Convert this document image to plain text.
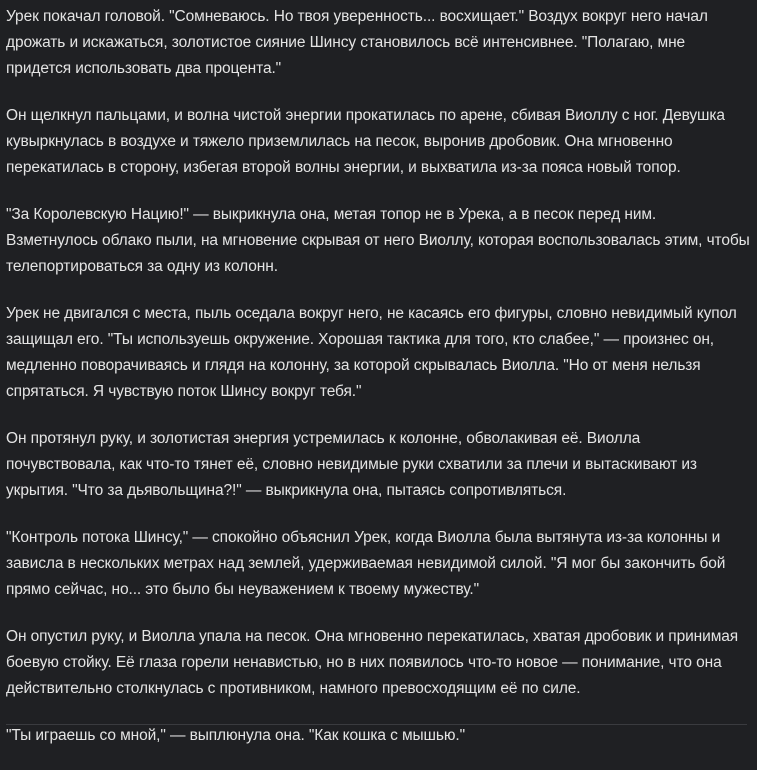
Урек покачал головой. "Сомневаюсь. Но твоя уверенность... восхищает." Воздух вокруг него начал дрожать и искажаться, золотистое сияние Шинсу становилось всё интенсивнее. "Полагаю, мне придется использовать два процента."

Он щелкнул пальцами, и волна чистой энергии прокатилась по арене, сбивая Виоллу с ног. Девушка кувыркнулась в воздухе и тяжело приземлилась на песок, выронив дробовик. Она мгновенно перекатилась в сторону, избегая второй волны энергии, и выхватила из-за пояса новый топор.

"За Королевскую Нацию!" — выкрикнула она, метая топор не в Урека, а в песок перед ним. Взметнулось облако пыли, на мгновение скрывая от него Виоллу, которая воспользовалась этим, чтобы телепортироваться за одну из колонн.

Урек не двигался с места, пыль оседала вокруг него, не касаясь его фигуры, словно невидимый купол защищал его. "Ты используешь окружение. Хорошая тактика для того, кто слабее," — произнес он, медленно поворачиваясь и глядя на колонну, за которой скрывалась Виолла. "Но от меня нельзя спрятаться. Я чувствую поток Шинсу вокруг тебя."

Он протянул руку, и золотистая энергия устремилась к колонне, обволакивая её. Виолла почувствовала, как что-то тянет её, словно невидимые руки схватили за плечи и вытаскивают из укрытия. "Что за дьявольщина?!" — выкрикнула она, пытаясь сопротивляться.

"Контроль потока Шинсу," — спокойно объяснил Урек, когда Виолла была вытянута из-за колонны и зависла в нескольких метрах над землей, удерживаемая невидимой силой. "Я мог бы закончить бой прямо сейчас, но... это было бы неуважением к твоему мужеству."

Он опустил руку, и Виолла упала на песок. Она мгновенно перекатилась, хватая дробовик и принимая боевую стойку. Её глаза горели ненавистью, но в них появилось что-то новое — понимание, что она действительно столкнулась с противником, намного превосходящим её по силе.

"Ты играешь со мной," — выплюнула она. "Как кошка с мышью."
